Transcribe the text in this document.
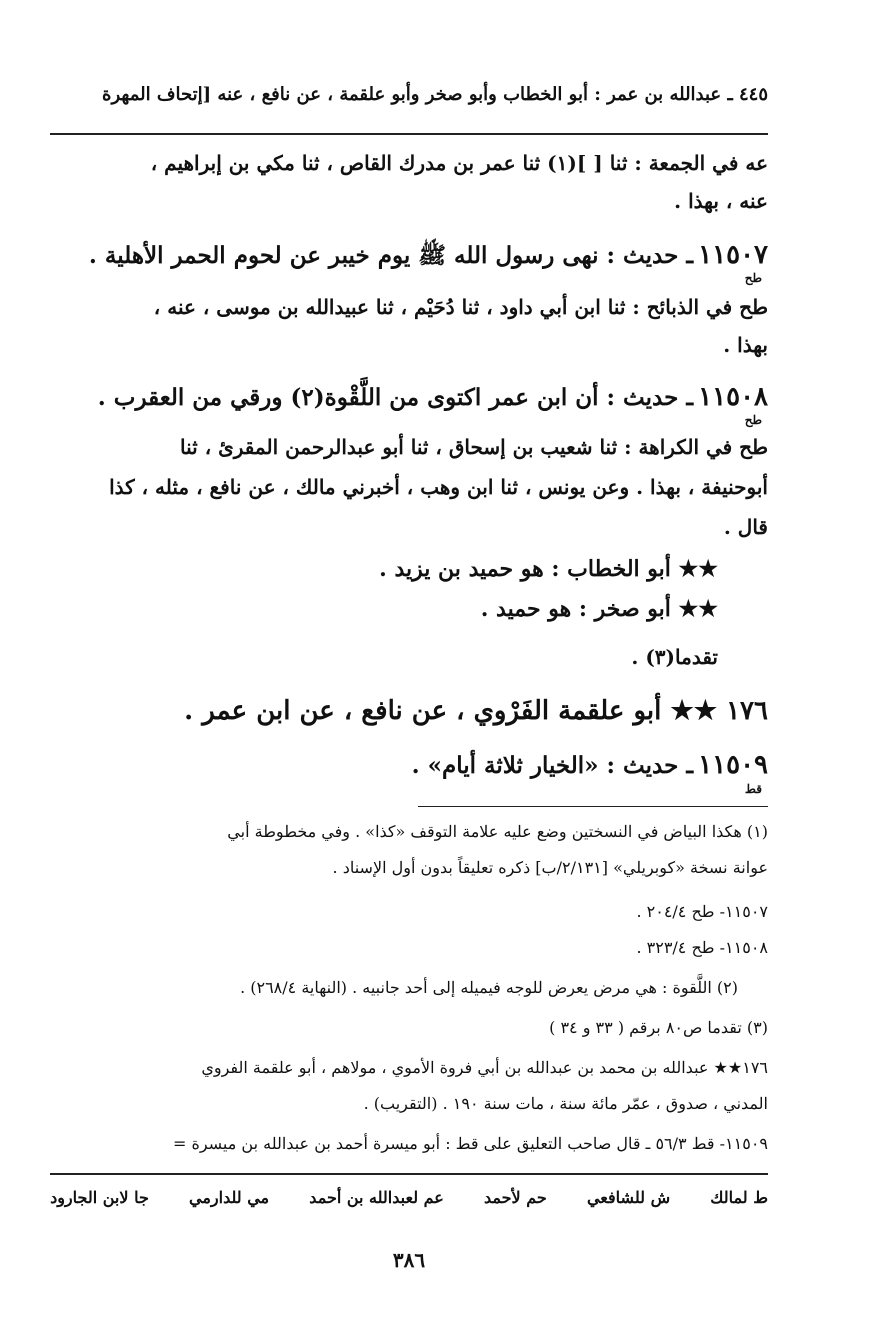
٤٤٥ ـ عبدالله بن عمر : أبو الخطاب وأبو صخر وأبو علقمة ، عن نافع ، عنه [إتحاف المهرة
عه في الجمعة : ثنا [ ](١) ثنا عمر بن مدرك القاص ، ثنا مكي بن إبراهيم ،
عنه ، بهذا .
١١٥٠٧ ـ حديث : نهى رسول الله ﷺ يوم خيبر عن لحوم الحمر الأهلية .
طح
طح في الذبائح : ثنا ابن أبي داود ، ثنا دُحَيْم ، ثنا عبيدالله بن موسى ، عنه ،
بهذا .
١١٥٠٨ ـ حديث : أن ابن عمر اكتوى من اللَّقْوة(٢) ورقي من العقرب .
طح
طح في الكراهة : ثنا شعيب بن إسحاق ، ثنا أبو عبدالرحمن المقرئ ، ثنا
أبوحنيفة ، بهذا . وعن يونس ، ثنا ابن وهب ، أخبرني مالك ، عن نافع ، مثله ، كذا
قال .
★★ أبو الخطاب : هو حميد بن يزيد .
★★ أبو صخر : هو حميد .
تقدما(٣) .
١٧٦ ★★ أبو علقمة الفَرْوي ، عن نافع ، عن ابن عمر .
١١٥٠٩ ـ حديث : «الخيار ثلاثة أيام» .
قط
(١) هكذا البياض في النسختين وضع عليه علامة التوقف «كذا» . وفي مخطوطة أبي
عوانة نسخة «كوبريلي» [٢/١٣١/ب] ذكره تعليقاً بدون أول الإسناد .
١١٥٠٧- طح ٢٠٤/٤ .
١١٥٠٨- طح ٣٢٣/٤ .
(٢) اللَّقوة : هي مرض يعرض للوجه فيميله إلى أحد جانبيه . (النهاية ٢٦٨/٤) .
(٣) تقدما ص٨٠ برقم ( ٣٣ و ٣٤ )
١٧٦★★ عبدالله بن محمد بن عبدالله بن أبي فروة الأموي ، مولاهم ، أبو علقمة الفروي
المدني ، صدوق ، عمّر مائة سنة ، مات سنة ١٩٠ . (التقريب) .
١١٥٠٩- قط ٥٦/٣ ـ قال صاحب التعليق على قط : أبو ميسرة أحمد بن عبدالله بن ميسرة =
ط لمالك
ش للشافعي
حم لأحمد
عم لعبدالله بن أحمد
مي للدارمي
جا لابن الجارود
٣٨٦
